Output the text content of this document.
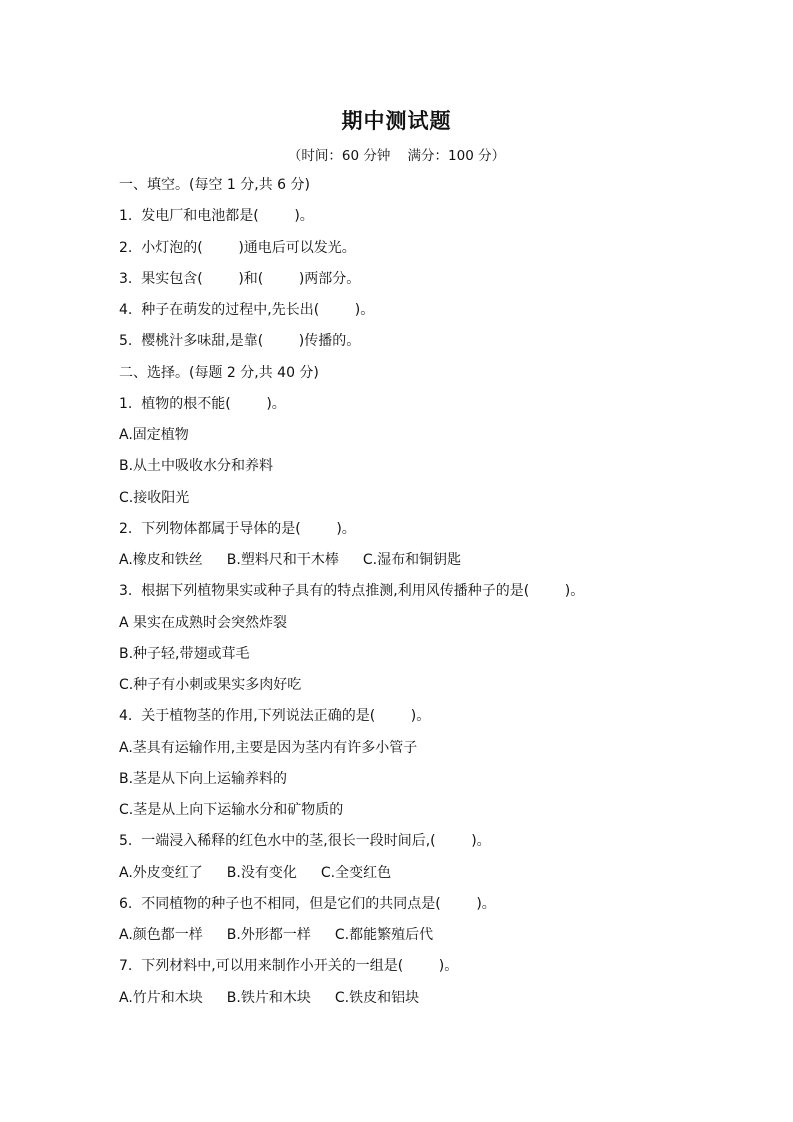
期中测试题
（时间：60 分钟    满分：100 分）
一、填空。(每空 1 分,共 6 分)
1.  发电厂和电池都是(        )。
2.  小灯泡的(        )通电后可以发光。
3.  果实包含(        )和(        )两部分。
4.  种子在萌发的过程中,先长出(        )。
5.  樱桃汁多味甜,是靠(        )传播的。
二、选择。(每题 2 分,共 40 分)
1.  植物的根不能(        )。
A.固定植物
B.从土中吸收水分和养料
C.接收阳光
2.  下列物体都属于导体的是(        )。
A.橡皮和铁丝 B.塑料尺和干木棒 C.湿布和铜钥匙
3.  根据下列植物果实或种子具有的特点推测,利用风传播种子的是(        )。
A 果实在成熟时会突然炸裂
B.种子轻,带翅或茸毛
C.种子有小刺或果实多肉好吃
4.  关于植物茎的作用,下列说法正确的是(        )。
A.茎具有运输作用,主要是因为茎内有许多小管子
B.茎是从下向上运输养料的
C.茎是从上向下运输水分和矿物质的
5.  一端浸入稀释的红色水中的茎,很长一段时间后,(        )。
A.外皮变红了 B.没有变化 C.全变红色
6.  不同植物的种子也不相同，但是它们的共同点是(        )。
A.颜色都一样 B.外形都一样 C.都能繁殖后代
7.  下列材料中,可以用来制作小开关的一组是(        )。
A.竹片和木块 B.铁片和木块 C.铁皮和铝块
